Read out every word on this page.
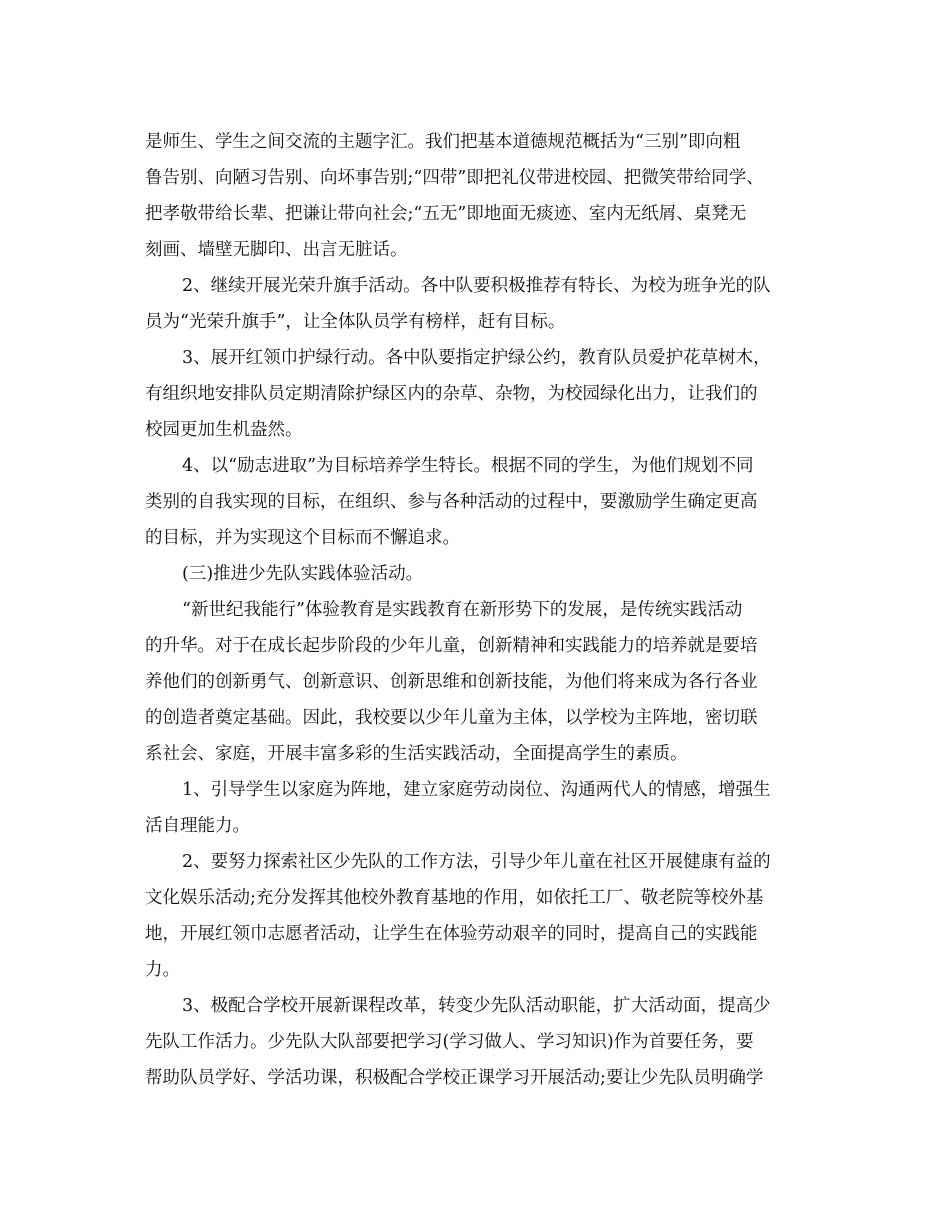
是师生、学生之间交流的主题字汇。我们把基本道德规范概括为“三别”即向粗
鲁告别、向陋习告别、向坏事告别;“四带”即把礼仪带进校园、把微笑带给同学、
把孝敬带给长辈、把谦让带向社会;“五无”即地面无痰迹、室内无纸屑、桌凳无
刻画、墙壁无脚印、出言无脏话。
2、继续开展光荣升旗手活动。各中队要积极推荐有特长、为校为班争光的队
员为“光荣升旗手”，让全体队员学有榜样，赶有目标。
3、展开红领巾护绿行动。各中队要指定护绿公约，教育队员爱护花草树木，
有组织地安排队员定期清除护绿区内的杂草、杂物，为校园绿化出力，让我们的
校园更加生机盎然。
4、以“励志进取”为目标培养学生特长。根据不同的学生，为他们规划不同
类别的自我实现的目标，在组织、参与各种活动的过程中，要激励学生确定更高
的目标，并为实现这个目标而不懈追求。
(三)推进少先队实践体验活动。
“新世纪我能行”体验教育是实践教育在新形势下的发展，是传统实践活动
的升华。对于在成长起步阶段的少年儿童，创新精神和实践能力的培养就是要培
养他们的创新勇气、创新意识、创新思维和创新技能，为他们将来成为各行各业
的创造者奠定基础。因此，我校要以少年儿童为主体，以学校为主阵地，密切联
系社会、家庭，开展丰富多彩的生活实践活动，全面提高学生的素质。
1、引导学生以家庭为阵地，建立家庭劳动岗位、沟通两代人的情感，增强生
活自理能力。
2、要努力探索社区少先队的工作方法，引导少年儿童在社区开展健康有益的
文化娱乐活动;充分发挥其他校外教育基地的作用，如依托工厂、敬老院等校外基
地，开展红领巾志愿者活动，让学生在体验劳动艰辛的同时，提高自己的实践能
力。
3、极配合学校开展新课程改革，转变少先队活动职能，扩大活动面，提高少
先队工作活力。少先队大队部要把学习(学习做人、学习知识)作为首要任务，要
帮助队员学好、学活功课，积极配合学校正课学习开展活动;要让少先队员明确学
